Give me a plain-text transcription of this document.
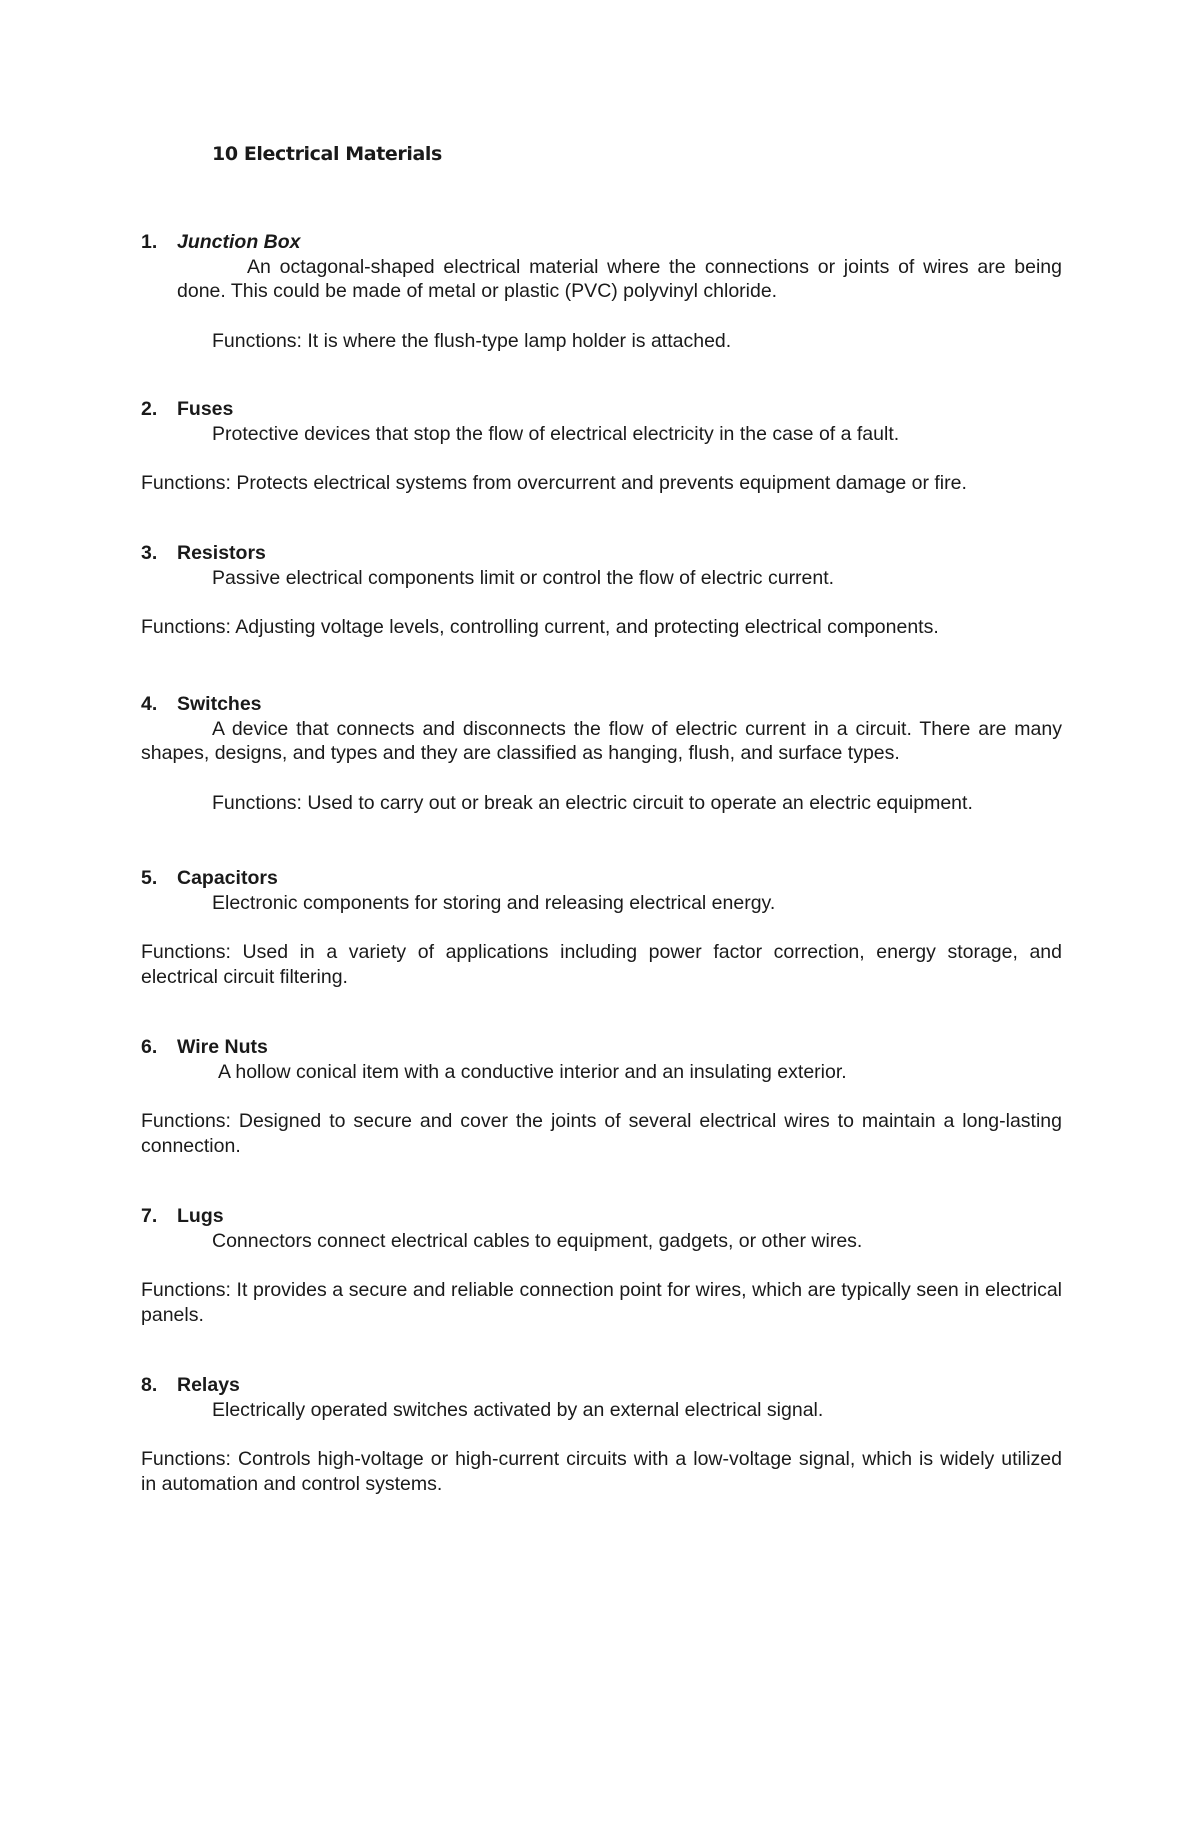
10 Electrical Materials

1.	Junction Box

An octagonal-shaped electrical material where the connections or joints of wires are being done. This could be made of metal or plastic (PVC) polyvinyl chloride.

Functions: It is where the flush-type lamp holder is attached.

2.	Fuses

Protective devices that stop the flow of electrical electricity in the case of a fault.

Functions: Protects electrical systems from overcurrent and prevents equipment damage or fire.

3.	Resistors

Passive electrical components limit or control the flow of electric current.

Functions: Adjusting voltage levels, controlling current, and protecting electrical components.

4.	Switches

A device that connects and disconnects the flow of electric current in a circuit. There are many shapes, designs, and types and they are classified as hanging, flush, and surface types.

Functions: Used to carry out or break an electric circuit to operate an electric equipment.

5.	Capacitors

Electronic components for storing and releasing electrical energy.

Functions: Used in a variety of applications including power factor correction, energy storage, and electrical circuit filtering.

6.	Wire Nuts

A hollow conical item with a conductive interior and an insulating exterior.

Functions: Designed to secure and cover the joints of several electrical wires to maintain a long-lasting connection.

7.	Lugs

Connectors connect electrical cables to equipment, gadgets, or other wires.

Functions: It provides a secure and reliable connection point for wires, which are typically seen in electrical panels.

8.	Relays

Electrically operated switches activated by an external electrical signal.

Functions: Controls high-voltage or high-current circuits with a low-voltage signal, which is widely utilized in automation and control systems.
